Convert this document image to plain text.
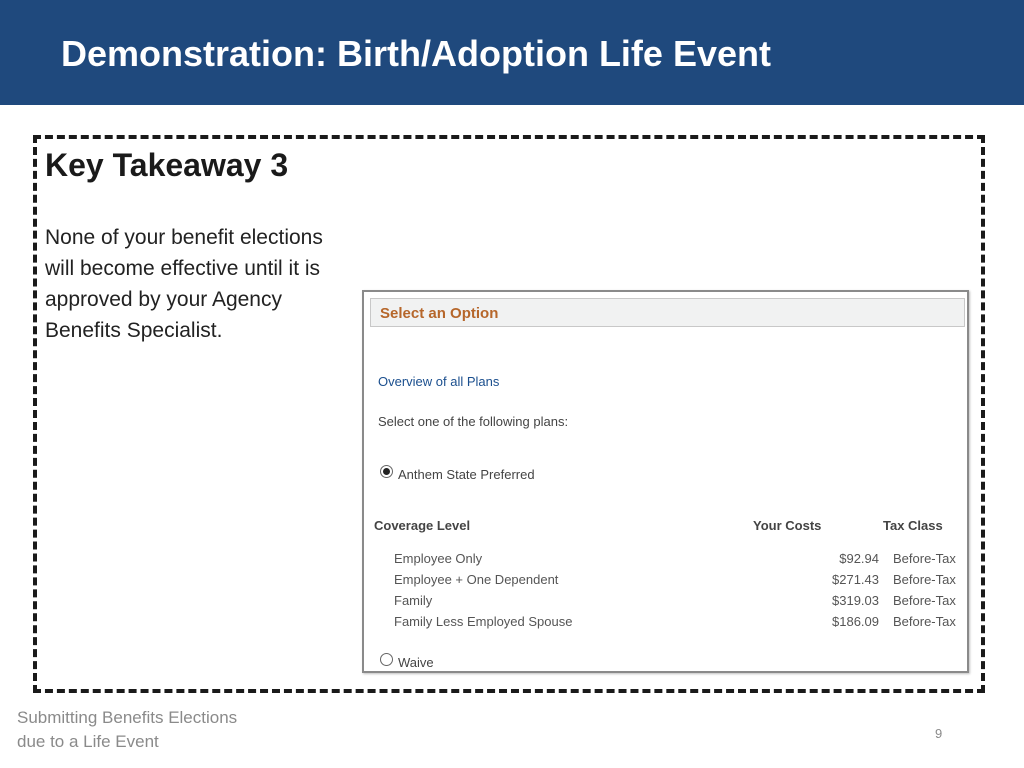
Demonstration: Birth/Adoption Life Event
Key Takeaway 3
None of your benefit elections
will become effective until it is
approved by your Agency
Benefits Specialist.
Select an Option
Overview of all Plans
Select one of the following plans:
Anthem State Preferred
Coverage Level	Your Costs	Tax Class
Employee Only	$92.94 Before-Tax
Employee + One Dependent	$271.43 Before-Tax
Family	$319.03 Before-Tax
Family Less Employed Spouse	$186.09 Before-Tax
Waive
Submitting Benefits Elections
due to a Life Event	9
